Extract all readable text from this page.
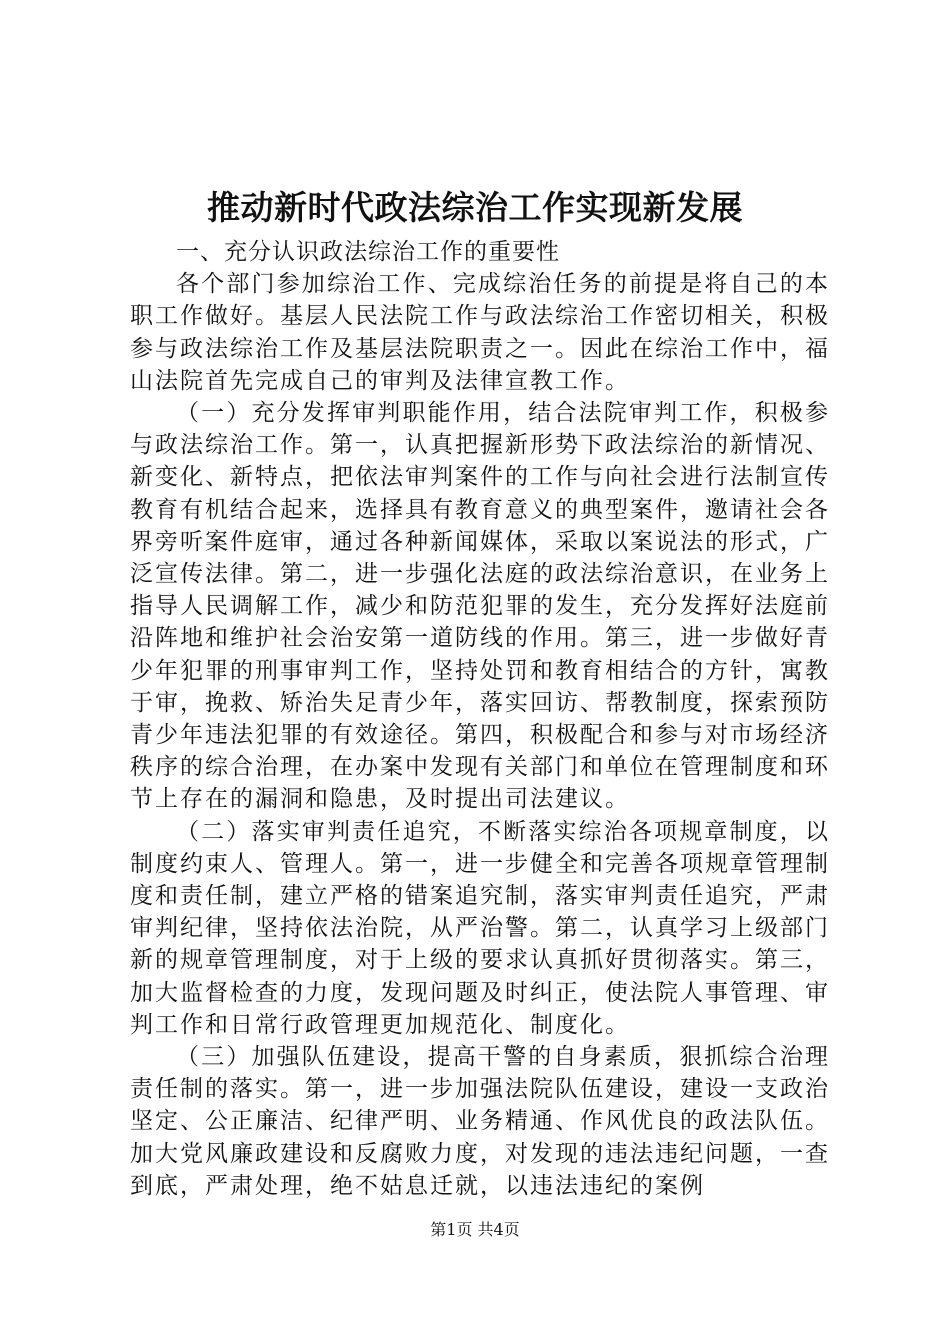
推动新时代政法综治工作实现新发展

一、充分认识政法综治工作的重要性

各个部门参加综治工作、完成综治任务的前提是将自己的本职工作做好。基层人民法院工作与政法综治工作密切相关，积极参与政法综治工作及基层法院职责之一。因此在综治工作中，福山法院首先完成自己的审判及法律宣教工作。

（一）充分发挥审判职能作用，结合法院审判工作，积极参与政法综治工作。第一，认真把握新形势下政法综治的新情况、新变化、新特点，把依法审判案件的工作与向社会进行法制宣传教育有机结合起来，选择具有教育意义的典型案件，邀请社会各界旁听案件庭审，通过各种新闻媒体，采取以案说法的形式，广泛宣传法律。第二，进一步强化法庭的政法综治意识，在业务上指导人民调解工作，减少和防范犯罪的发生，充分发挥好法庭前沿阵地和维护社会治安第一道防线的作用。第三，进一步做好青少年犯罪的刑事审判工作，坚持处罚和教育相结合的方针，寓教于审，挽救、矫治失足青少年，落实回访、帮教制度，探索预防青少年违法犯罪的有效途径。第四，积极配合和参与对市场经济秩序的综合治理，在办案中发现有关部门和单位在管理制度和环节上存在的漏洞和隐患，及时提出司法建议。

（二）落实审判责任追究，不断落实综治各项规章制度，以制度约束人、管理人。第一，进一步健全和完善各项规章管理制度和责任制，建立严格的错案追究制，落实审判责任追究，严肃审判纪律，坚持依法治院，从严治警。第二，认真学习上级部门新的规章管理制度，对于上级的要求认真抓好贯彻落实。第三，加大监督检查的力度，发现问题及时纠正，使法院人事管理、审判工作和日常行政管理更加规范化、制度化。

（三）加强队伍建设，提高干警的自身素质，狠抓综合治理责任制的落实。第一，进一步加强法院队伍建设，建设一支政治坚定、公正廉洁、纪律严明、业务精通、作风优良的政法队伍。加大党风廉政建设和反腐败力度，对发现的违法违纪问题，一查到底，严肃处理，绝不姑息迁就，以违法违纪的案例

第1页 共4页
